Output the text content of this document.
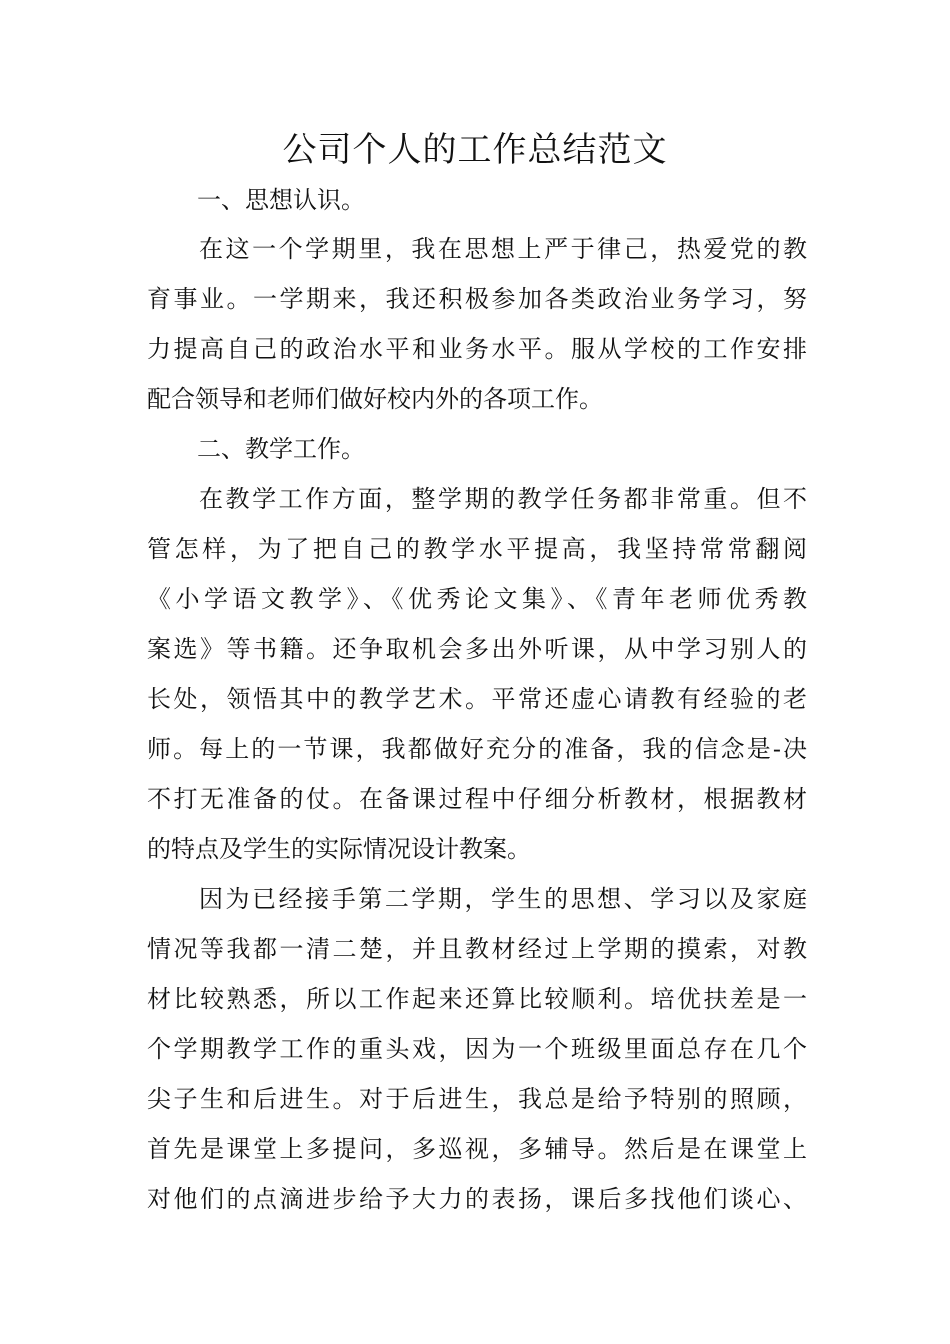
公司个人的工作总结范文
一、思想认识。
在这一个学期里，我在思想上严于律己，热爱党的教
育事业。一学期来，我还积极参加各类政治业务学习，努
力提高自己的政治水平和业务水平。服从学校的工作安排
配合领导和老师们做好校内外的各项工作。
二、教学工作。
在教学工作方面，整学期的教学任务都非常重。但不
管怎样，为了把自己的教学水平提高，我坚持常常翻阅
《小学语文教学》、《优秀论文集》、《青年老师优秀教
案选》等书籍。还争取机会多出外听课，从中学习别人的
长处，领悟其中的教学艺术。平常还虚心请教有经验的老
师。每上的一节课，我都做好充分的准备，我的信念是-决
不打无准备的仗。在备课过程中仔细分析教材，根据教材
的特点及学生的实际情况设计教案。
因为已经接手第二学期，学生的思想、学习以及家庭
情况等我都一清二楚，并且教材经过上学期的摸索，对教
材比较熟悉，所以工作起来还算比较顺利。培优扶差是一
个学期教学工作的重头戏，因为一个班级里面总存在几个
尖子生和后进生。对于后进生，我总是给予特别的照顾，
首先是课堂上多提问，多巡视，多辅导。然后是在课堂上
对他们的点滴进步给予大力的表扬，课后多找他们谈心、
